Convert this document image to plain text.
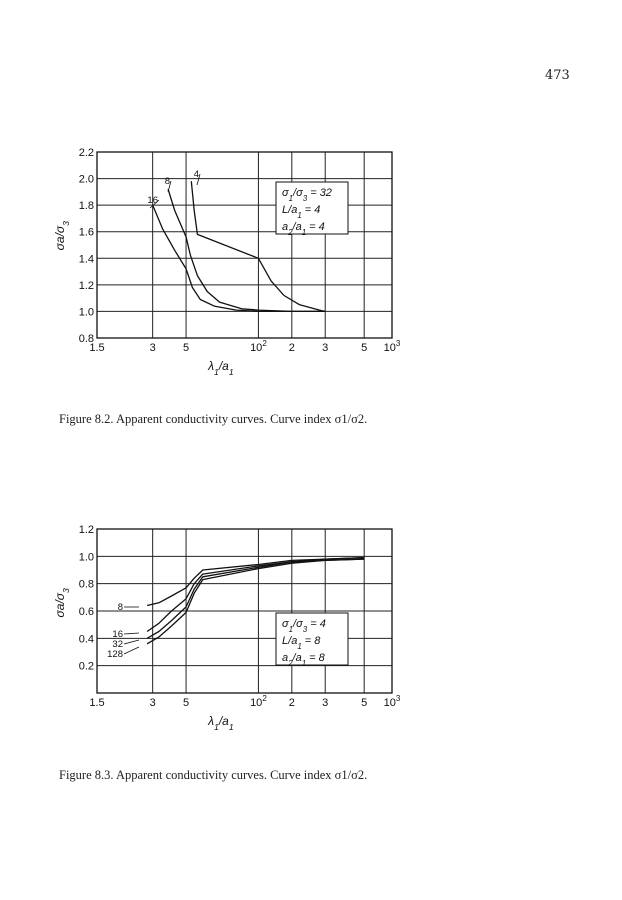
473
1.5	3 5	$10^2$ 2 3	5 $10^3$
0.8
1.0
1.2
1.4
1.6
1.8
2.0
2.2
$\lambda_1/a_1$
$\sigma a/\sigma_3$
$\sigma_1/\sigma_3 = 32$
$L/a_1 = 4$
$a_2/a_1 = 4$
16
8
4
Figure 8.2. Apparent conductivity curves. Curve index σ1/σ2.
1.5	3 5	$10^2$ 2 3	5 $10^3$
0.2
0.4
0.6
0.8
1.0
1.2
$\lambda_1/a_1$
$\sigma a/\sigma_3$
$\sigma_1/\sigma_3 = 4$
$L/a_1 = 8$
$a_2/a_1 = 8$
8
16
32
128
Figure 8.3. Apparent conductivity curves. Curve index σ1/σ2.
